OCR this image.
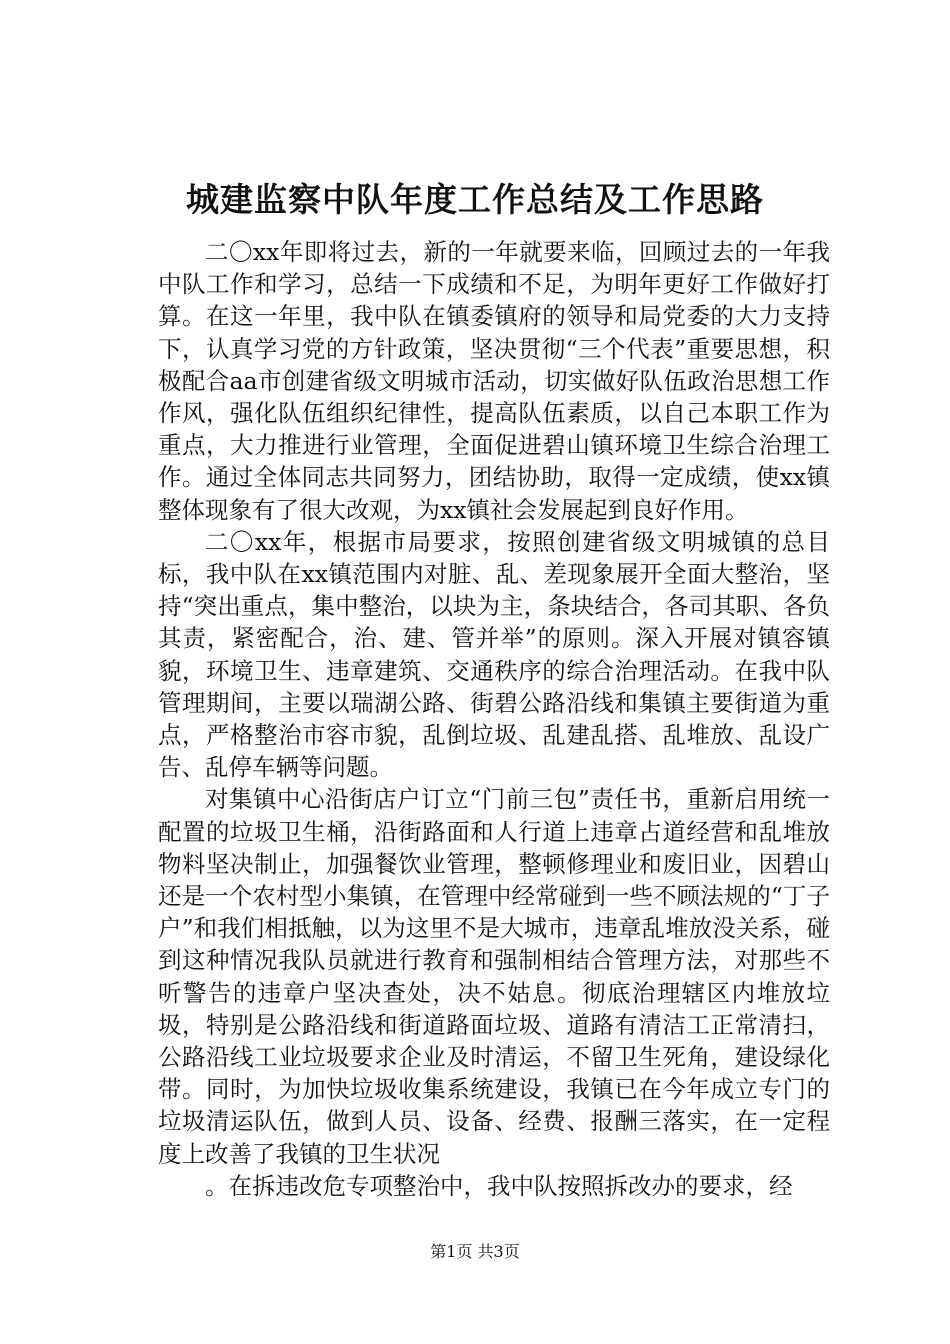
城建监察中队年度工作总结及工作思路

二〇xx年即将过去，新的一年就要来临，回顾过去的一年我中队工作和学习，总结一下成绩和不足，为明年更好工作做好打算。在这一年里，我中队在镇委镇府的领导和局党委的大力支持下，认真学习党的方针政策，坚决贯彻“三个代表”重要思想，积极配合aa市创建省级文明城市活动，切实做好队伍政治思想工作作风，强化队伍组织纪律性，提高队伍素质，以自己本职工作为重点，大力推进行业管理，全面促进碧山镇环境卫生综合治理工作。通过全体同志共同努力，团结协助，取得一定成绩，使xx镇整体现象有了很大改观，为xx镇社会发展起到良好作用。

二〇xx年，根据市局要求，按照创建省级文明城镇的总目标，我中队在xx镇范围内对脏、乱、差现象展开全面大整治，坚持“突出重点，集中整治，以块为主，条块结合，各司其职、各负其责，紧密配合，治、建、管并举”的原则。深入开展对镇容镇貌，环境卫生、违章建筑、交通秩序的综合治理活动。在我中队管理期间，主要以瑞湖公路、街碧公路沿线和集镇主要街道为重点，严格整治市容市貌，乱倒垃圾、乱建乱搭、乱堆放、乱设广告、乱停车辆等问题。

对集镇中心沿街店户订立“门前三包”责任书，重新启用统一配置的垃圾卫生桶，沿街路面和人行道上违章占道经营和乱堆放物料坚决制止，加强餐饮业管理，整顿修理业和废旧业，因碧山还是一个农村型小集镇，在管理中经常碰到一些不顾法规的“丁子户”和我们相抵触，以为这里不是大城市，违章乱堆放没关系，碰到这种情况我队员就进行教育和强制相结合管理方法，对那些不听警告的违章户坚决查处，决不姑息。彻底治理辖区内堆放垃圾，特别是公路沿线和街道路面垃圾、道路有清洁工正常清扫，公路沿线工业垃圾要求企业及时清运，不留卫生死角，建设绿化带。同时，为加快垃圾收集系统建设，我镇已在今年成立专门的垃圾清运队伍，做到人员、设备、经费、报酬三落实，在一定程度上改善了我镇的卫生状况

。在拆违改危专项整治中，我中队按照拆改办的要求，经

第1页 共3页
